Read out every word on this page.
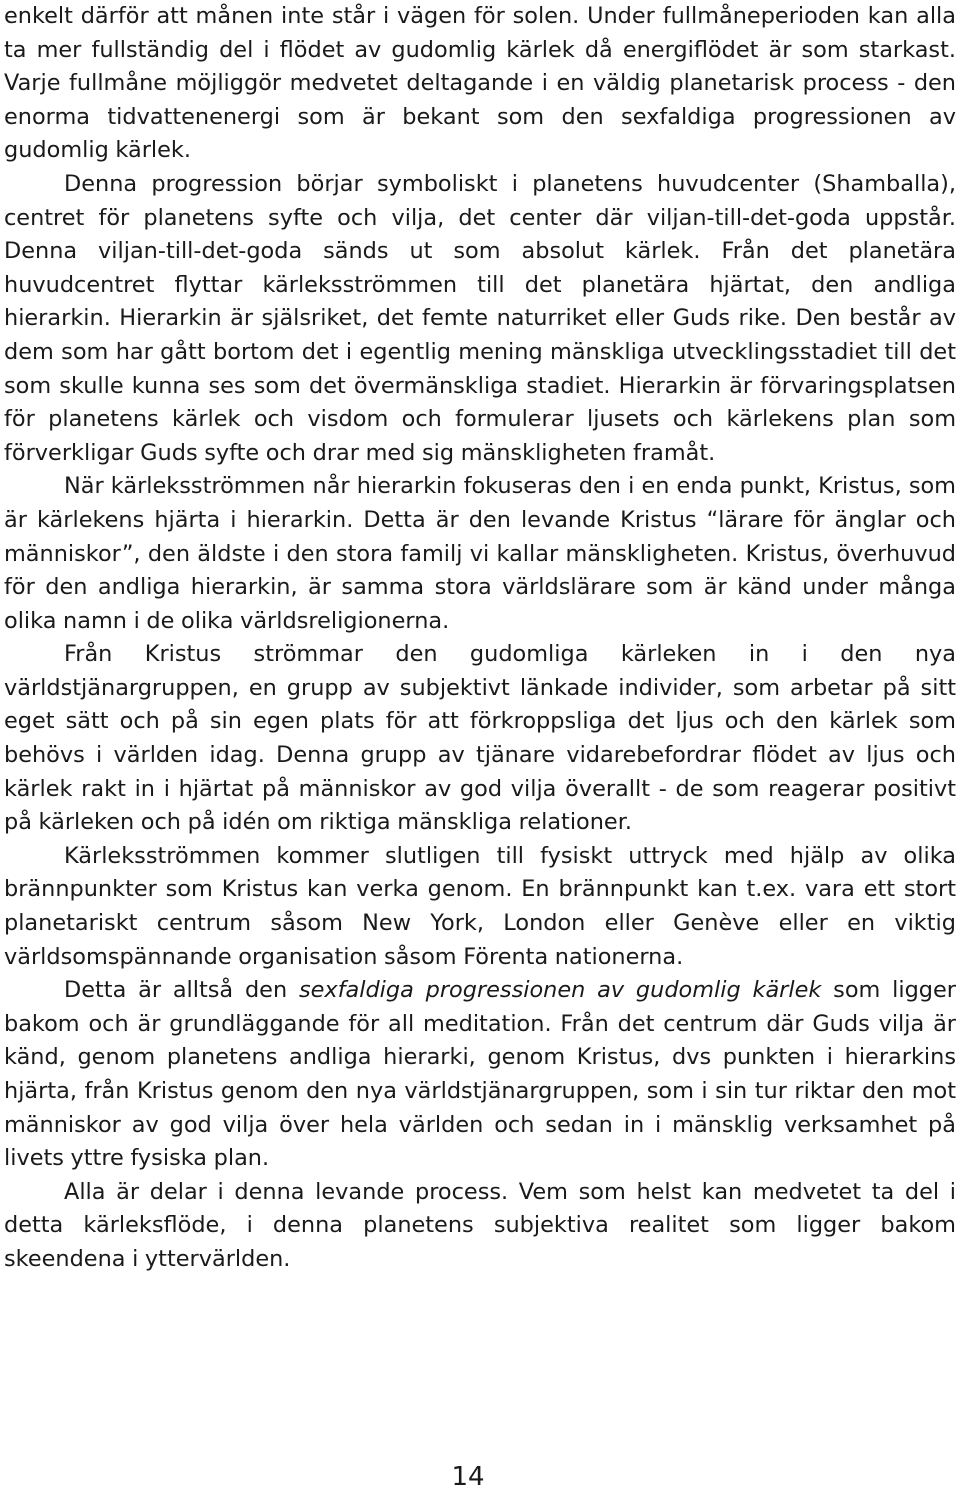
enkelt därför att månen inte står i vägen för solen. Under fullmåneperioden kan alla ta mer fullständig del i flödet av gudomlig kärlek då energiflödet är som starkast. Varje fullmåne möjliggör medvetet deltagande i en väldig planetarisk process - den enorma tidvattenenergi som är bekant som den sexfaldiga progressionen av gudomlig kärlek.

Denna progression börjar symboliskt i planetens huvudcenter (Shamballa), centret för planetens syfte och vilja, det center där viljan-till-det-goda uppstår. Denna viljan-till-det-goda sänds ut som absolut kärlek. Från det planetära huvudcentret flyttar kärleksströmmen till det planetära hjärtat, den andliga hierarkin. Hierarkin är själsriket, det femte naturriket eller Guds rike. Den består av dem som har gått bortom det i egentlig mening mänskliga utvecklingsstadiet till det som skulle kunna ses som det övermänskliga stadiet. Hierarkin är förvaringsplatsen för planetens kärlek och visdom och formulerar ljusets och kärlekens plan som förverkligar Guds syfte och drar med sig mänskligheten framåt.

När kärleksströmmen når hierarkin fokuseras den i en enda punkt, Kristus, som är kärlekens hjärta i hierarkin. Detta är den levande Kristus “lärare för änglar och människor”, den äldste i den stora familj vi kallar mänskligheten. Kristus, överhuvud för den andliga hierarkin, är samma stora världslärare som är känd under många olika namn i de olika världsreligionerna.

Från Kristus strömmar den gudomliga kärleken in i den nya världstjänargruppen, en grupp av subjektivt länkade individer, som arbetar på sitt eget sätt och på sin egen plats för att förkroppsliga det ljus och den kärlek som behövs i världen idag. Denna grupp av tjänare vidarebefordrar flödet av ljus och kärlek rakt in i hjärtat på människor av god vilja överallt - de som reagerar positivt på kärleken och på idén om riktiga mänskliga relationer.

Kärleksströmmen kommer slutligen till fysiskt uttryck med hjälp av olika brännpunkter som Kristus kan verka genom. En brännpunkt kan t.ex. vara ett stort planetariskt centrum såsom New York, London eller Genève eller en viktig världsomspännande organisation såsom Förenta nationerna.

Detta är alltså den sexfaldiga progressionen av gudomlig kärlek som ligger bakom och är grundläggande för all meditation. Från det centrum där Guds vilja är känd, genom planetens andliga hierarki, genom Kristus, dvs punkten i hierarkins hjärta, från Kristus genom den nya världstjänargruppen, som i sin tur riktar den mot människor av god vilja över hela världen och sedan in i mänsklig verksamhet på livets yttre fysiska plan.

Alla är delar i denna levande process. Vem som helst kan medvetet ta del i detta kärleksflöde, i denna planetens subjektiva realitet som ligger bakom skeendena i yttervärlden.

14
